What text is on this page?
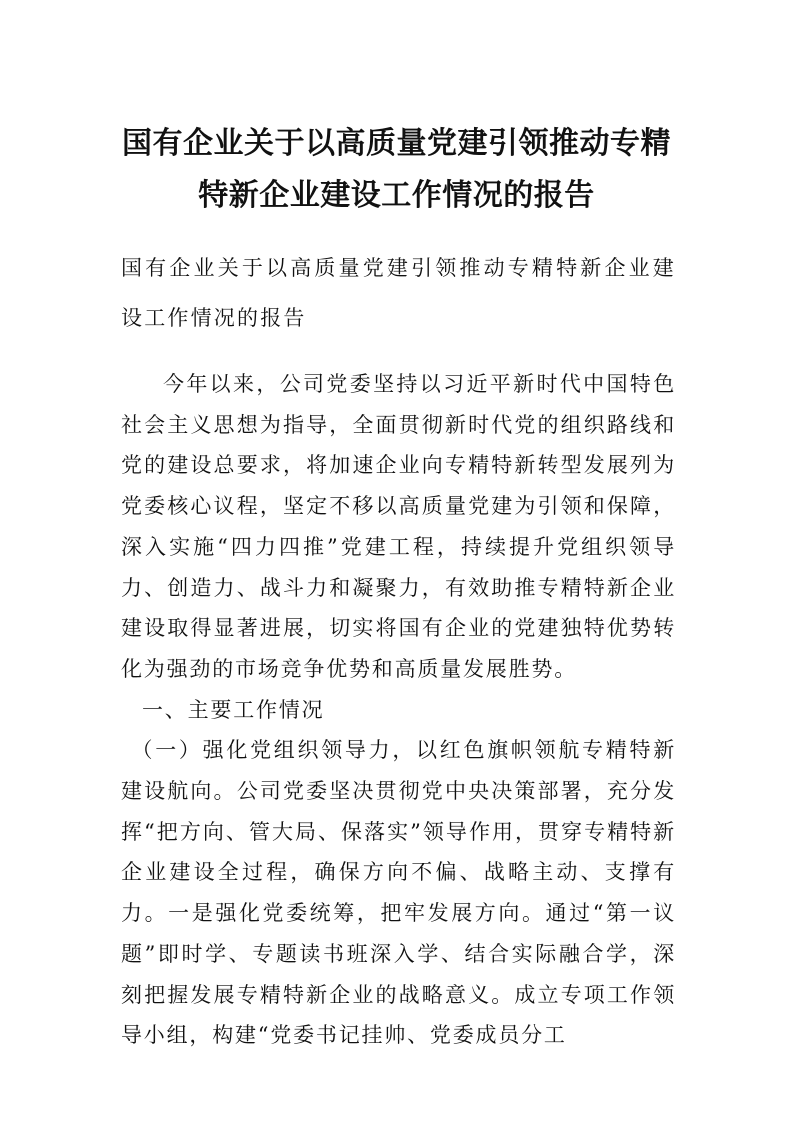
国有企业关于以高质量党建引领推动专精
特新企业建设工作情况的报告
国有企业关于以高质量党建引领推动专精特新企业建设工作情况的报告

今年以来，公司党委坚持以习近平新时代中国特色社会主义思想为指导，全面贯彻新时代党的组织路线和党的建设总要求，将加速企业向专精特新转型发展列为党委核心议程，坚定不移以高质量党建为引领和保障，深入实施“四力四推”党建工程，持续提升党组织领导力、创造力、战斗力和凝聚力，有效助推专精特新企业建设取得显著进展，切实将国有企业的党建独特优势转化为强劲的市场竞争优势和高质量发展胜势。

一、主要工作情况

（一）强化党组织领导力，以红色旗帜领航专精特新建设航向。公司党委坚决贯彻党中央决策部署，充分发挥“把方向、管大局、保落实”领导作用，贯穿专精特新企业建设全过程，确保方向不偏、战略主动、支撑有力。一是强化党委统筹，把牢发展方向。通过“第一议题”即时学、专题读书班深入学、结合实际融合学，深刻把握发展专精特新企业的战略意义。成立专项工作领导小组，构建“党委书记挂帅、党委成员分工
